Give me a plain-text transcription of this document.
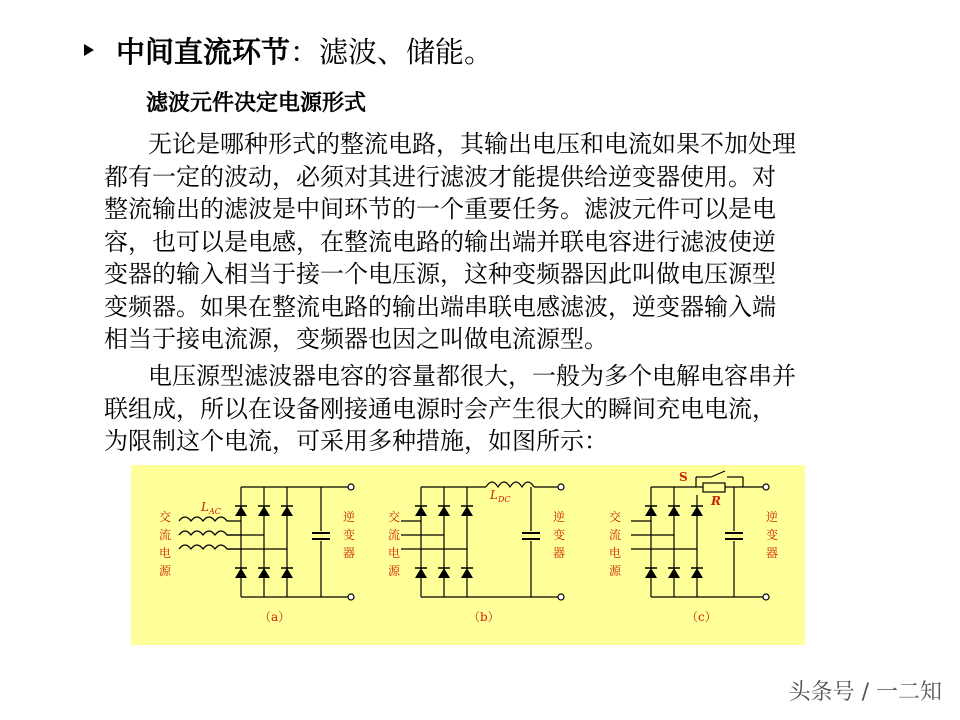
中间直流环节：滤波、储能。
滤波元件决定电源形式

无论是哪种形式的整流电路，其输出电压和电流如果不加处理
都有一定的波动，必须对其进行滤波才能提供给逆变器使用。对
整流输出的滤波是中间环节的一个重要任务。滤波元件可以是电
容，也可以是电感，在整流电路的输出端并联电容进行滤波使逆
变器的输入相当于接一个电压源，这种变频器因此叫做电压源型
变频器。如果在整流电路的输出端串联电感滤波，逆变器输入端
相当于接电流源，变频器也因之叫做电流源型。

电压源型滤波器电容的容量都很大，一般为多个电解电容串并
联组成，所以在设备刚接通电源时会产生很大的瞬间充电电流，
为限制这个电流，可采用多种措施，如图所示：

交
流
电
源
交
流
电
源
交
流
电
源
逆
变
器
逆
变
器
逆
变
器
（a）	（b）	（c）
$L_{AC}$
$L_{DC}$
S
R
头条号 / 一二知
